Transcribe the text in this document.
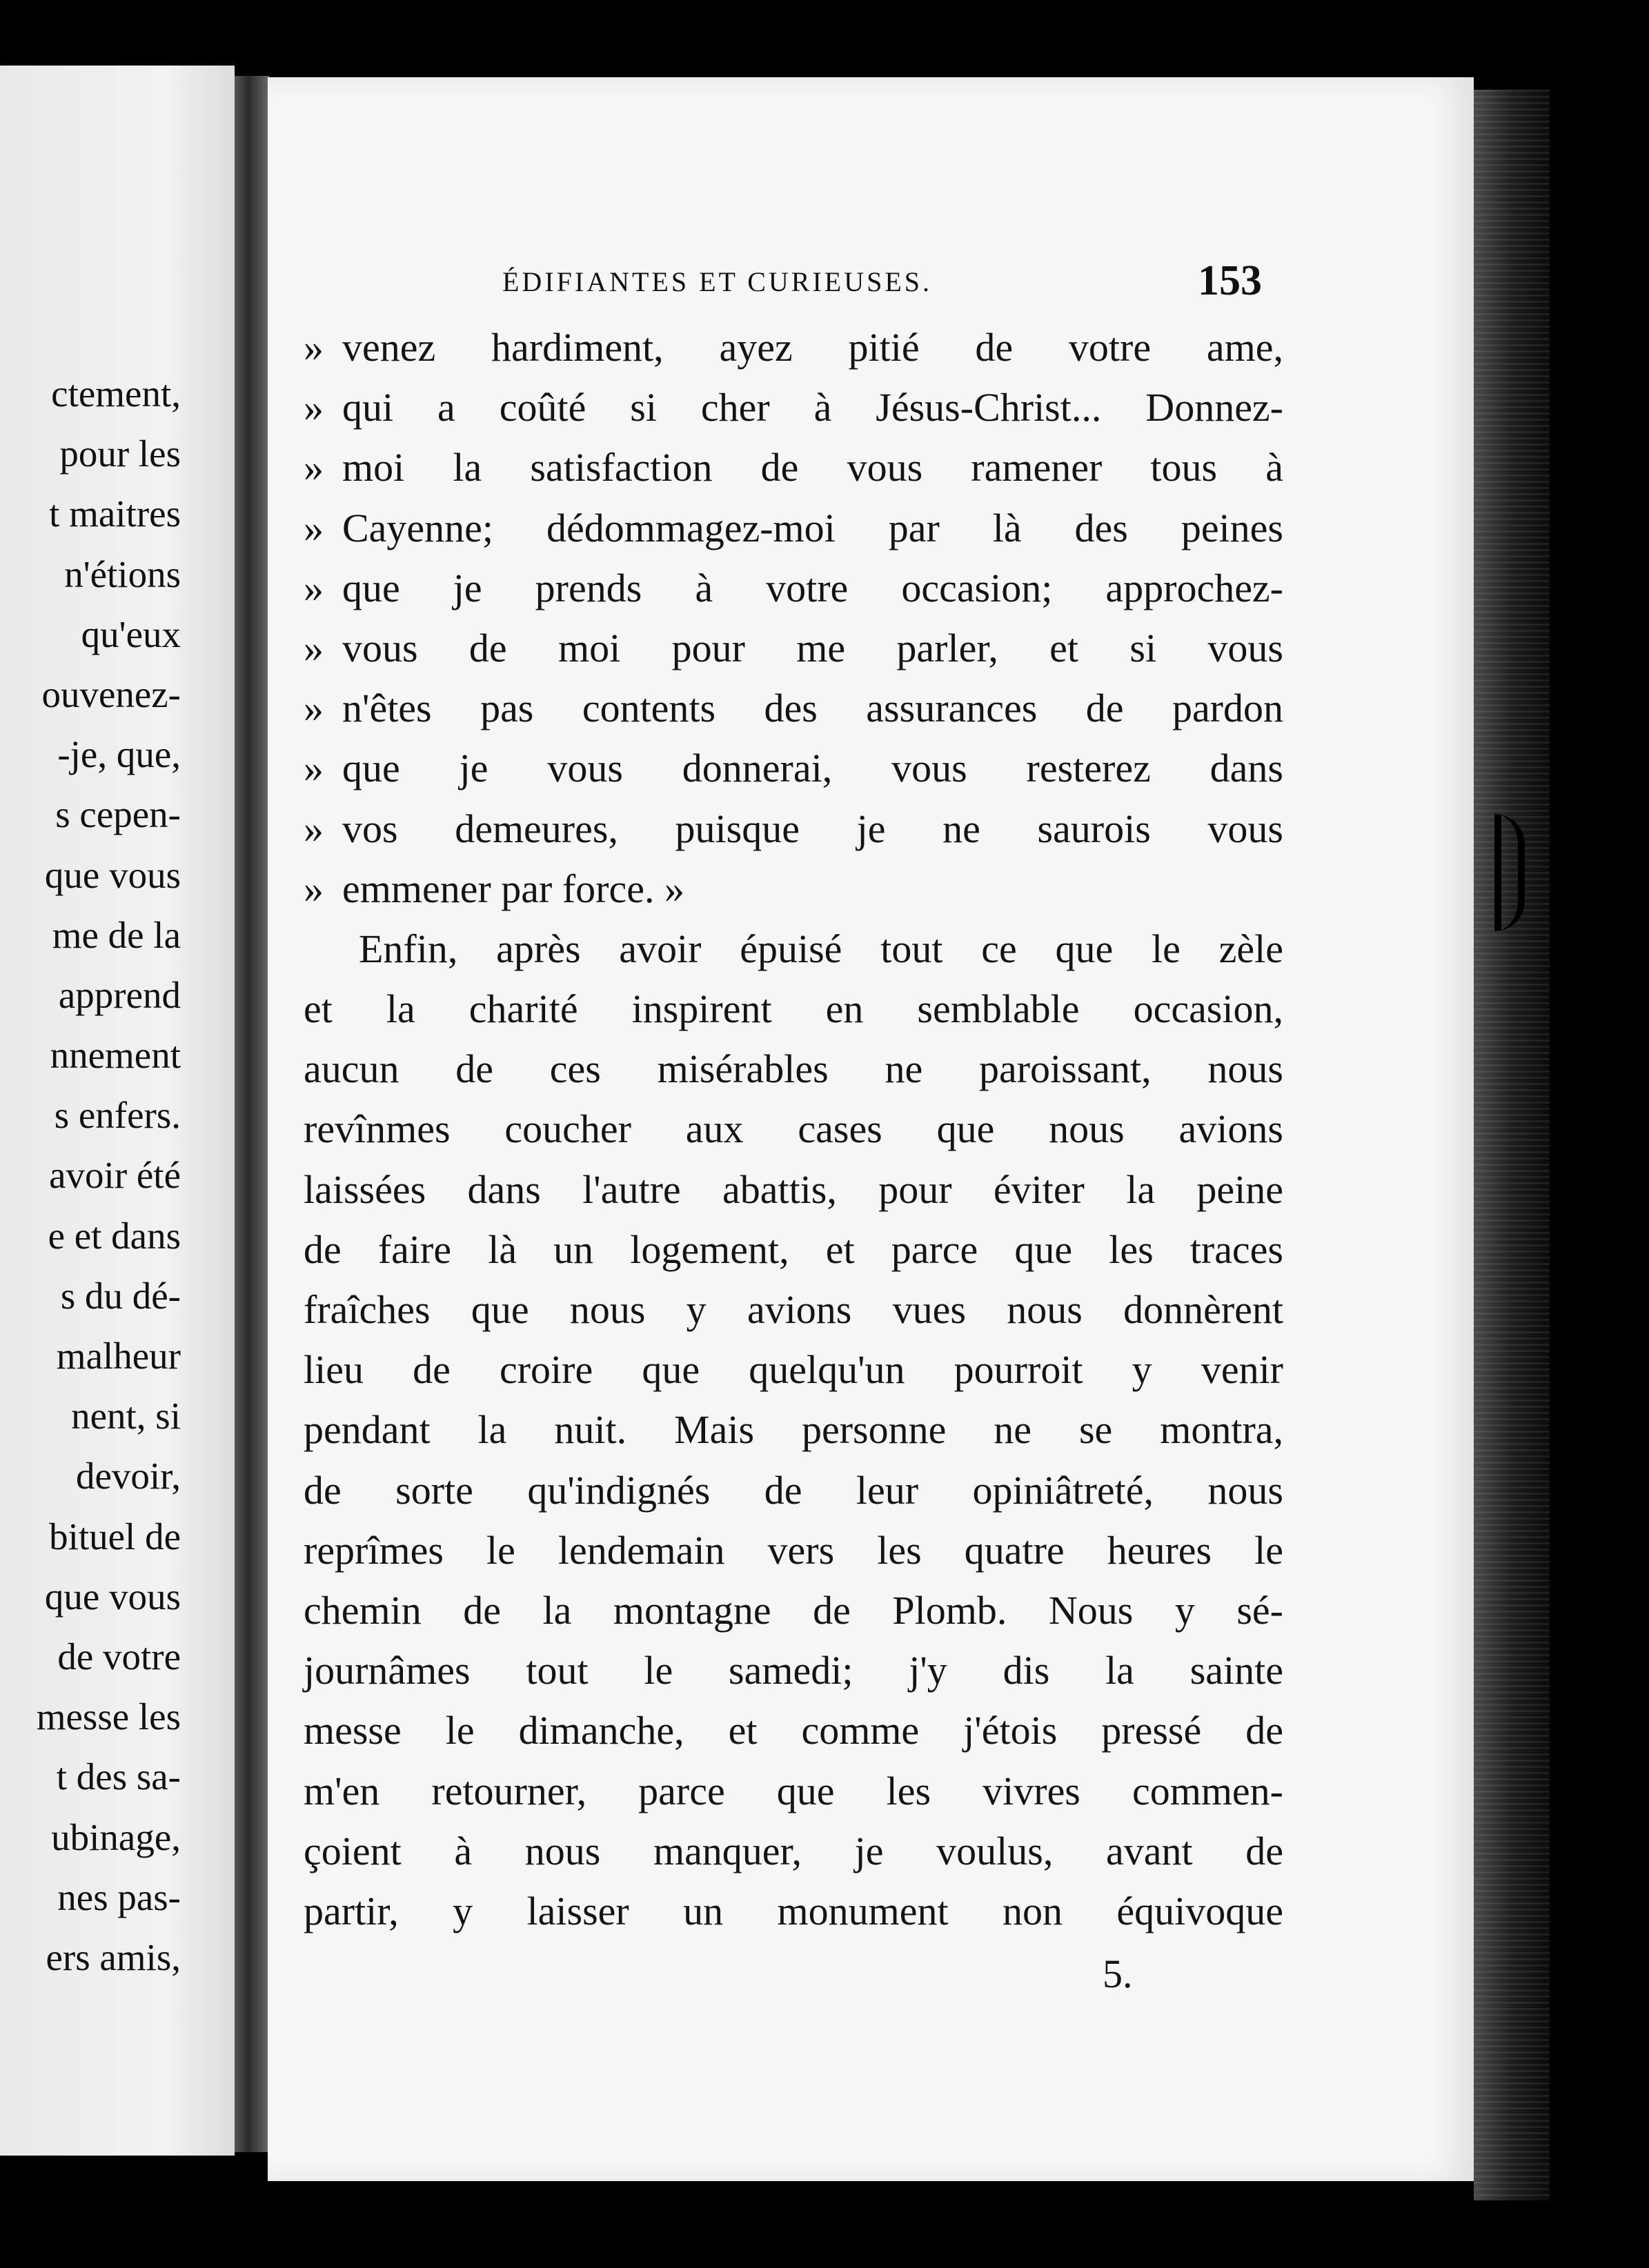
ctement,
pour les
t maitres
n'étions
qu'eux
ouvenez-
-je, que,
s cepen-
que vous
me de la
apprend
nnement
s enfers.
avoir été
e et dans
s du dé-
malheur
nent, si
devoir,
bituel de
que vous
de votre
messe les
t des sa-
ubinage,
nes pas-
ers amis,
ÉDIFIANTES ET CURIEUSES.	153
» venez hardiment, ayez pitié de votre ame,
» qui a coûté si cher à Jésus-Christ... Donnez-
» moi la satisfaction de vous ramener tous à
» Cayenne; dédommagez-moi par là des peines
» que je prends à votre occasion; approchez-
» vous de moi pour me parler, et si vous
» n'êtes pas contents des assurances de pardon
» que je vous donnerai, vous resterez dans
» vos demeures, puisque je ne saurois vous
» emmener par force. »
Enfin, après avoir épuisé tout ce que le zèle
et la charité inspirent en semblable occasion,
aucun de ces misérables ne paroissant, nous
revînmes coucher aux cases que nous avions
laissées dans l'autre abattis, pour éviter la peine
de faire là un logement, et parce que les traces
fraîches que nous y avions vues nous donnèrent
lieu de croire que quelqu'un pourroit y venir
pendant la nuit. Mais personne ne se montra,
de sorte qu'indignés de leur opiniâtreté, nous
reprîmes le lendemain vers les quatre heures le
chemin de la montagne de Plomb. Nous y sé-
journâmes tout le samedi; j'y dis la sainte
messe le dimanche, et comme j'étois pressé de
m'en retourner, parce que les vivres commen-
çoient à nous manquer, je voulus, avant de
partir, y laisser un monument non équivoque
5.
